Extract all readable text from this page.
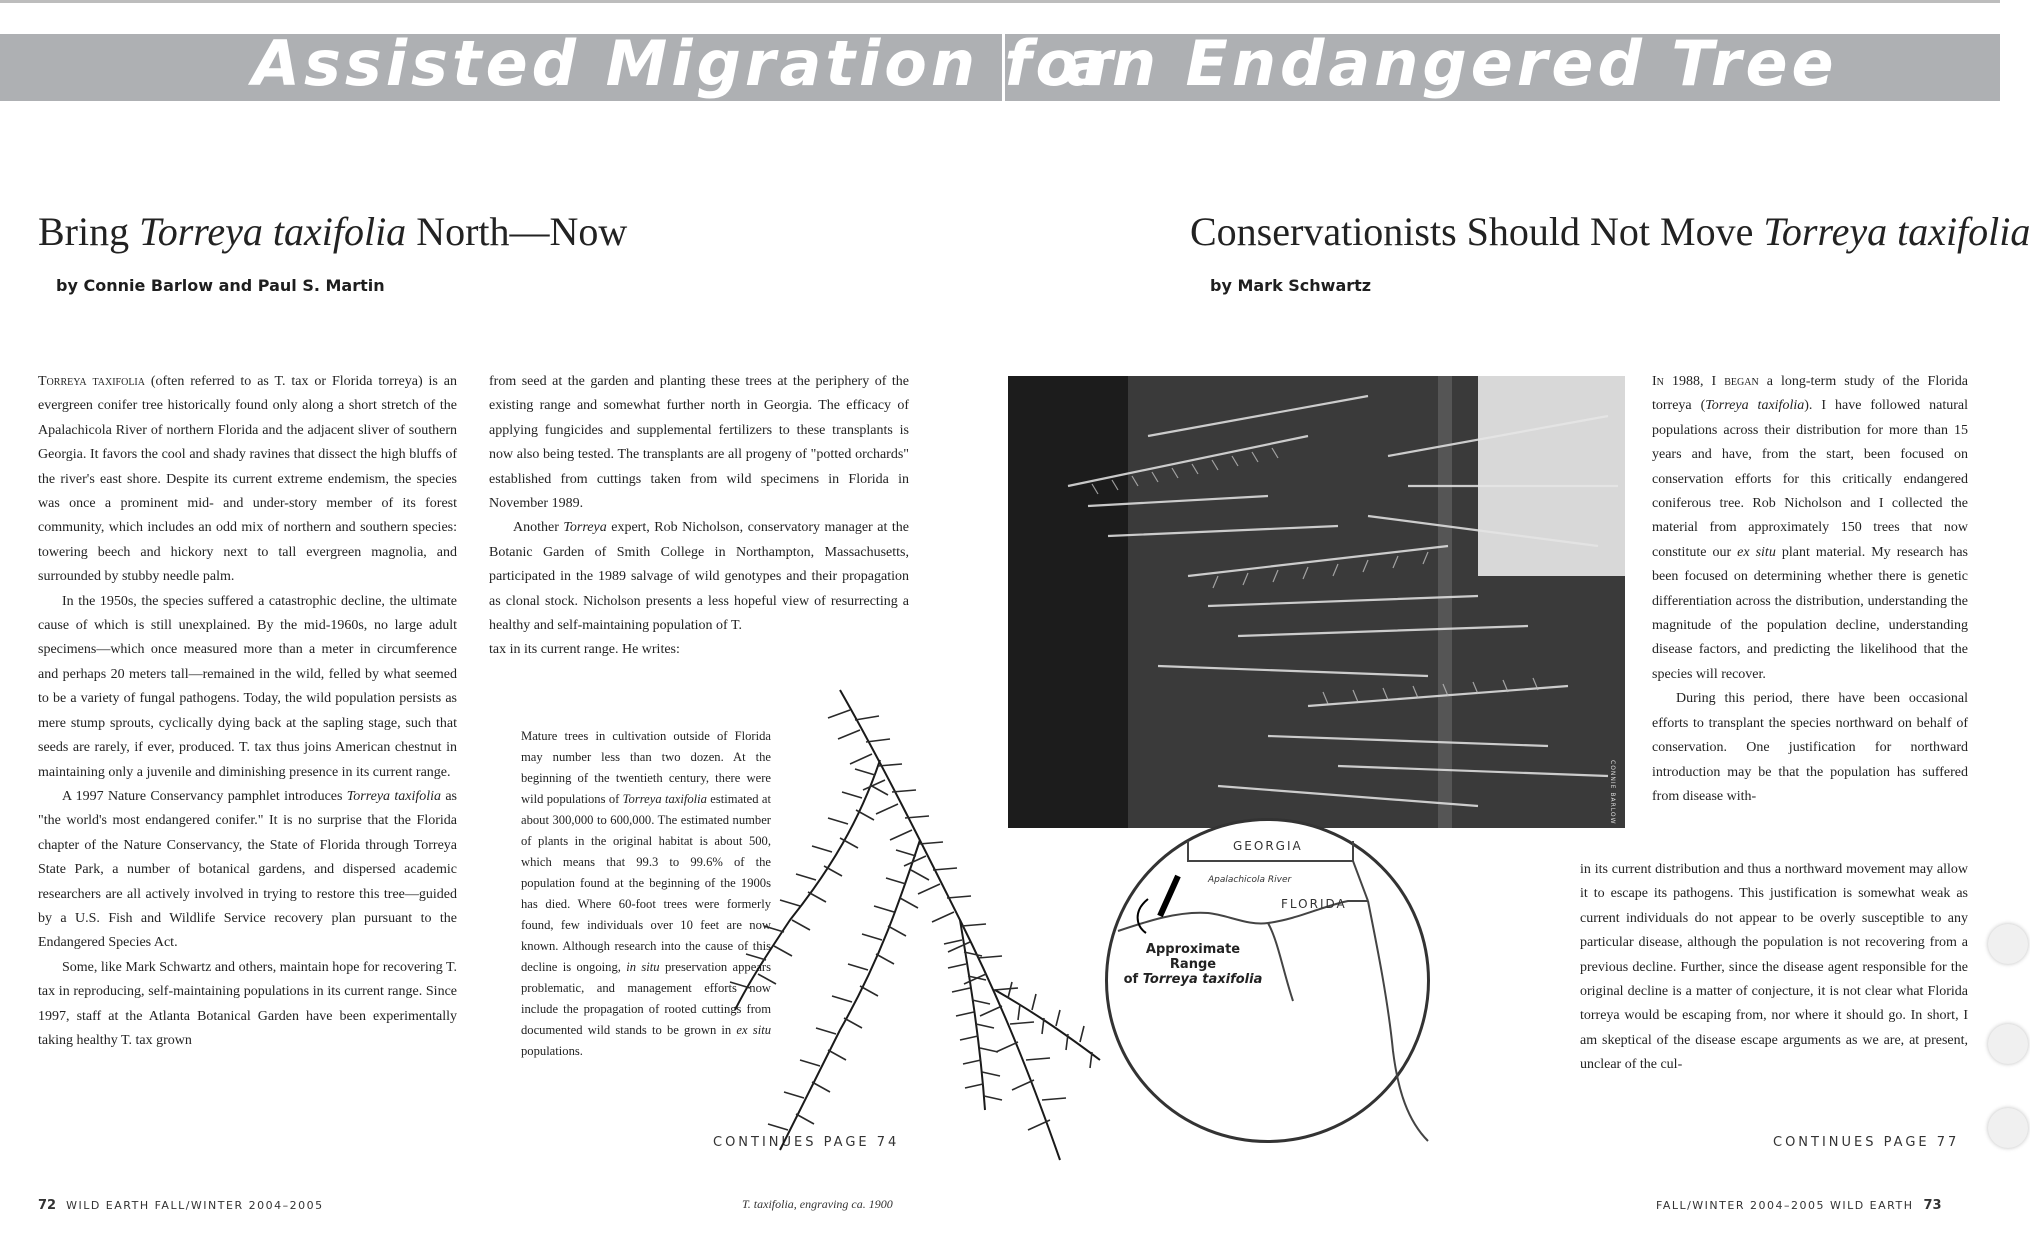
Assisted Migration for
an Endangered Tree
Bring Torreya taxifolia North—Now
by Connie Barlow and Paul S. Martin

Torreya taxifolia (often referred to as T. tax or Florida torreya) is an evergreen conifer tree historically found only along a short stretch of the Apalachicola River of northern Florida and the adjacent sliver of southern Georgia. It favors the cool and shady ravines that dissect the high bluffs of the river's east shore. Despite its current extreme endemism, the species was once a prominent mid- and under-story member of its forest community, which includes an odd mix of northern and southern species: towering beech and hickory next to tall evergreen magnolia, and surrounded by stubby needle palm.

In the 1950s, the species suffered a catastrophic decline, the ultimate cause of which is still unexplained. By the mid-1960s, no large adult specimens—which once measured more than a meter in circumference and perhaps 20 meters tall—remained in the wild, felled by what seemed to be a variety of fungal pathogens. Today, the wild population persists as mere stump sprouts, cyclically dying back at the sapling stage, such that seeds are rarely, if ever, produced. T. tax thus joins American chestnut in maintaining only a juvenile and diminishing presence in its current range.

A 1997 Nature Conservancy pamphlet introduces Torreya taxifolia as "the world's most endangered conifer." It is no surprise that the Florida chapter of the Nature Conservancy, the State of Florida through Torreya State Park, a number of botanical gardens, and dispersed academic researchers are all actively involved in trying to restore this tree—guided by a U.S. Fish and Wildlife Service recovery plan pursuant to the Endangered Species Act.

Some, like Mark Schwartz and others, maintain hope for recovering T. tax in reproducing, self-maintaining populations in its current range. Since 1997, staff at the Atlanta Botanical Garden have been experimentally taking healthy T. tax grown

from seed at the garden and planting these trees at the periphery of the existing range and somewhat further north in Georgia. The efficacy of applying fungicides and supplemental fertilizers to these transplants is now also being tested. The transplants are all progeny of "potted orchards" established from cuttings taken from wild specimens in Florida in November 1989.

Another Torreya expert, Rob Nicholson, conservatory manager at the Botanic Garden of Smith College in Northampton, Massachusetts, participated in the 1989 salvage of wild genotypes and their propagation as clonal stock. Nicholson presents a less hopeful view of resurrecting a healthy and self-maintaining population of T.

tax in its current range. He writes:

Mature trees in cultivation outside of Florida may number less than two dozen. At the beginning of the twentieth century, there were wild populations of Torreya taxifolia estimated at about 300,000 to 600,000. The estimated number of plants in the original habitat is about 500, which means that 99.3 to 99.6% of the population found at the beginning of the 1900s has died. Where 60-foot trees were formerly found, few individuals over 10 feet are now known. Although research into the cause of this decline is ongoing, in situ preservation appears problematic, and management efforts now include the propagation of rooted cuttings from documented wild stands to be grown in ex situ populations.

CONTINUES PAGE 74
CONNIE BARLOW
GEORGIA
FLORIDA
Apalachicola River
Approximate Range
of Torreya taxifolia
Conservationists Should Not Move Torreya taxifolia
by Mark Schwartz

In 1988, I began a long-term study of the Florida torreya (Torreya taxifolia). I have followed natural populations across their distribution for more than 15 years and have, from the start, been focused on conservation efforts for this critically endangered coniferous tree. Rob Nicholson and I collected the material from approximately 150 trees that now constitute our ex situ plant material. My research has been focused on determining whether there is genetic differentiation across the distribution, understanding the magnitude of the population decline, understanding disease factors, and predicting the likelihood that the species will recover.

During this period, there have been occasional efforts to transplant the species northward on behalf of conservation. One justification for northward introduction may be that the population has suffered from disease with-

in its current distribution and thus a northward movement may allow it to escape its pathogens. This justification is somewhat weak as current individuals do not appear to be overly susceptible to any particular disease, although the population is not recovering from a previous decline. Further, since the disease agent responsible for the original decline is a matter of conjecture, it is not clear what Florida torreya would be escaping from, nor where it should go. In short, I am skeptical of the disease escape arguments as we are, at present, unclear of the cul-

CONTINUES PAGE 77
T. taxifolia, engraving ca. 1900
72 WILD EARTH FALL/WINTER 2004–2005	FALL/WINTER 2004–2005 WILD EARTH 73
